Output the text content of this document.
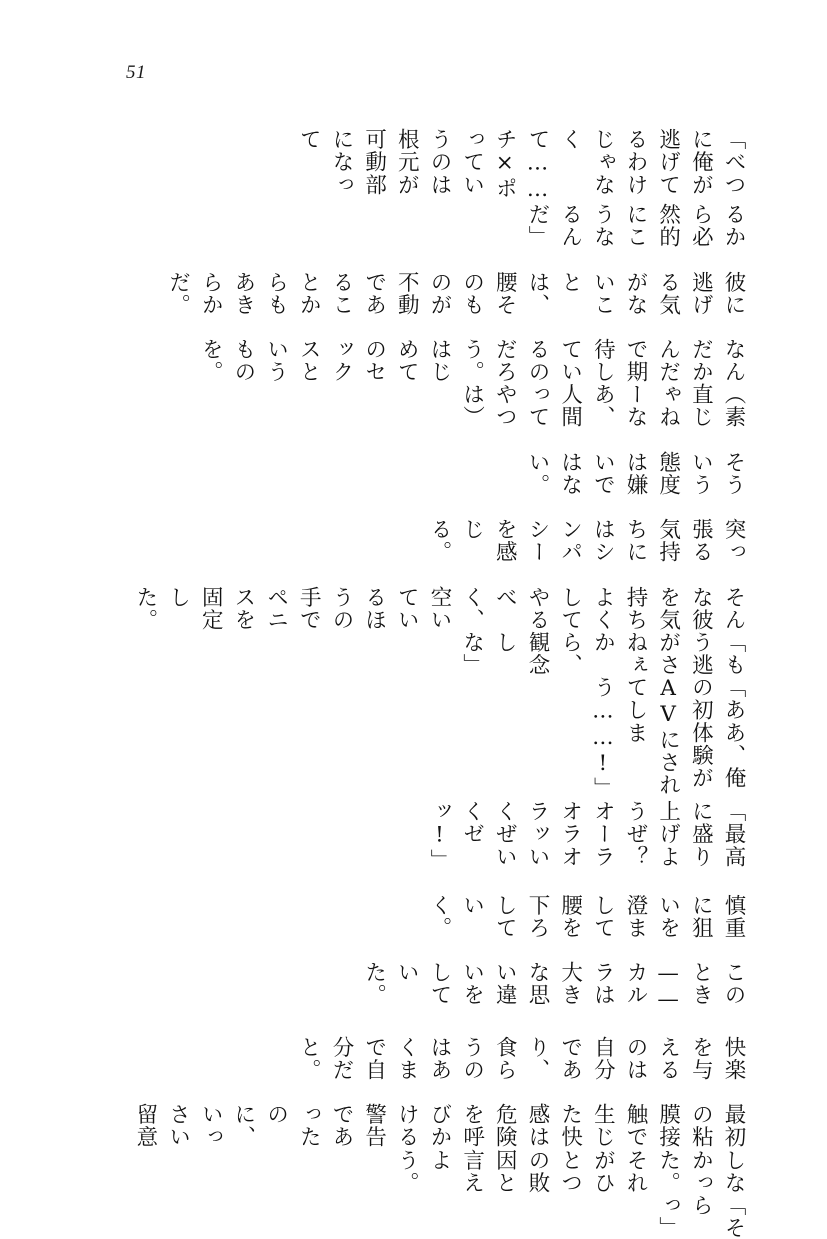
51
「べつに俺が逃げてるわけじゃなくて……チ×ポっていうのは根元が可動部になって
るから必然的にこうなるんだ」
彼に逃げる気がないことは、腰そのものが不動であることからもあきらかだ。
なんだかんだで期待しているのだろう。はじめてのセックスというものを。
（素直じゃねーなあ、人間ってやつは）
そういう態度は嫌いではない。
突っ張る気持ちにはシンパシーを感じる。
そんな彼を気持ちよくしてやるべく、空いているほうの手でペニスを固定した。
「もう逃がさねぇから、観念しな」
「ああ、俺の初体験がAVにされてしまう……!」
「最高に盛り上げようぜ？ オーラオラオラッいくぜいくゼッ!」
慎重に狙いを澄まして腰を下ろしていく。
このとき——カルラは大きな思い違いをしていた。
快楽を与えるのは自分であり、食らうのはあくまで自分だと。
最初の粘膜接触で生じた快感は危険を呼びかける警告であったのに、いっさい留意
しなかった。それがひとつの敗因と言えよう。
「そらっ」
